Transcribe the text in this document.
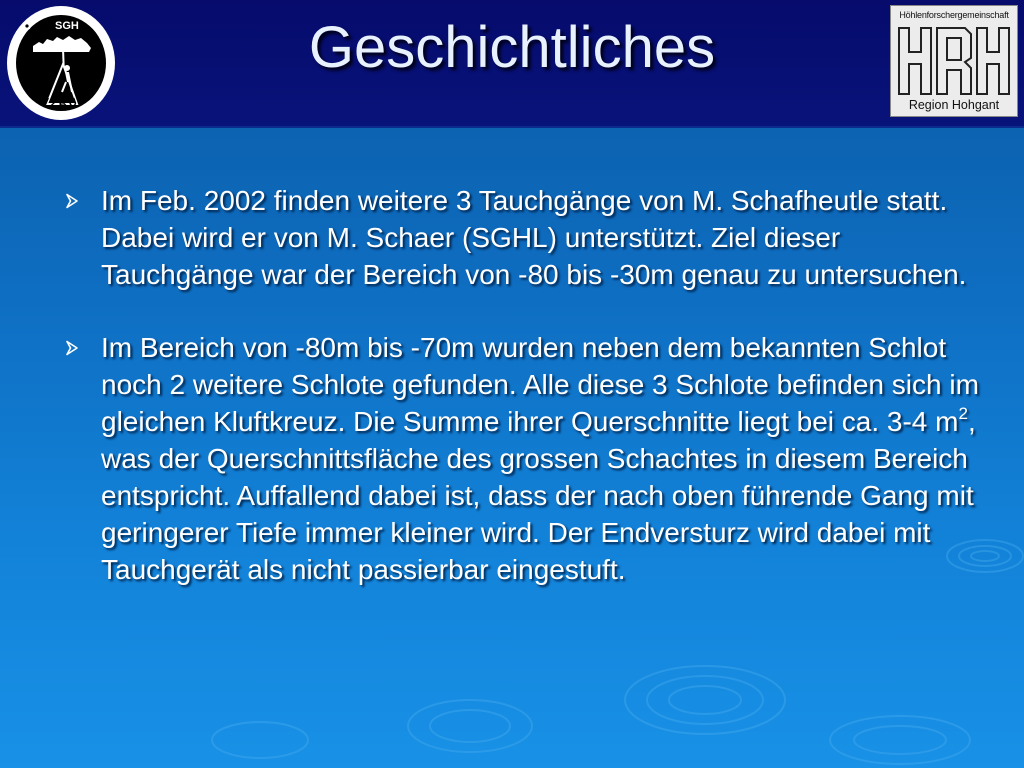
Geschichtliches
SGH
LENZBURG
Höhlenforschergemeinschaft
Region Hohgant
Im Feb. 2002 finden weitere 3 Tauchgänge von M. Schafheutle statt. Dabei wird er von M. Schaer (SGHL) unterstützt. Ziel dieser Tauchgänge war der Bereich von -80 bis -30m genau zu untersuchen.
Im Bereich von -80m bis -70m wurden neben dem bekannten Schlot noch 2 weitere Schlote gefunden. Alle diese 3 Schlote befinden sich im gleichen Kluftkreuz. Die Summe ihrer Querschnitte liegt bei ca. 3-4 $m^2$, was der Querschnittsfläche des grossen Schachtes in diesem Bereich entspricht. Auffallend dabei ist, dass der nach oben führende Gang mit geringerer Tiefe immer kleiner wird. Der Endversturz wird dabei mit Tauchgerät als nicht passierbar eingestuft.
